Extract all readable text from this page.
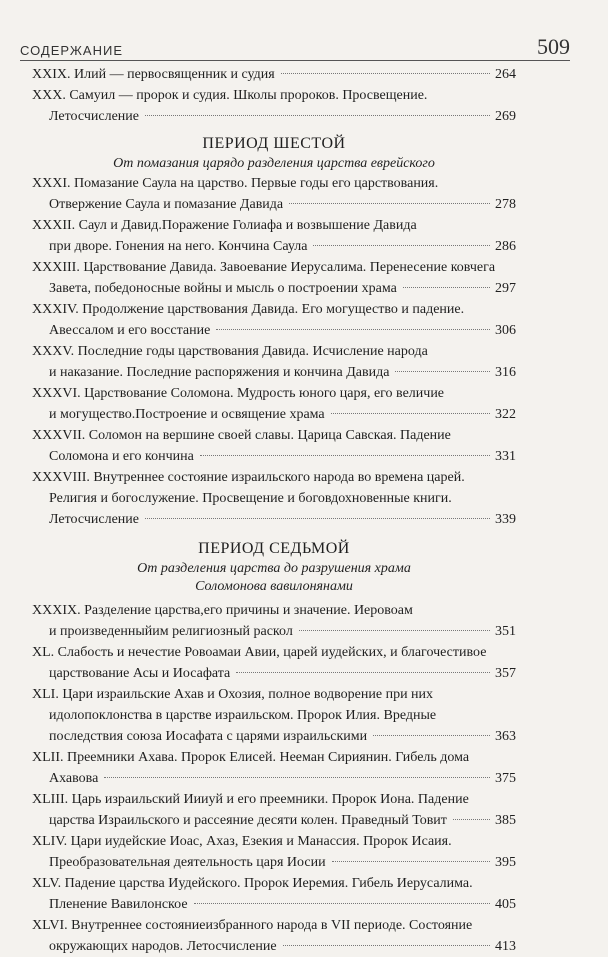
СОДЕРЖАНИЕ	509
XXIX. Илий — первосвященник и судия	264
XXX. Самуил — пророк и судия. Школы пророков. Просвещение.
Летосчисление	269
ПЕРИОД ШЕСТОЙ
От помазания царядо разделения царства еврейского
XXXI. Помазание Саула на царство. Первые годы его царствования.
Отвержение Саула и помазание Давида	278
XXXII. Саул и Давид.Поражение Голиафа и возвышение Давида
при дворе. Гонения на него. Кончина Саула	286
XXXIII. Царствование Давида. Завоевание Иерусалима. Перенесение ковчега
Завета, победоносные войны и мысль о построении храма	297
XXXIV. Продолжение царствования Давида. Его могущество и падение.
Авессалом и его восстание	306
XXXV. Последние годы царствования Давида. Исчисление народа
и наказание. Последние распоряжения и кончина Давида	316
XXXVI. Царствование Соломона. Мудрость юного царя, его величие
и могущество.Построение и освящение храма	322
XXXVII. Соломон на вершине своей славы. Царица Савская. Падение
Соломона и его кончина	331
XXXVIII. Внутреннее состояние израильского народа во времена царей.
Религия и богослужение. Просвещение и боговдохновенные книги.
Летосчисление	339
ПЕРИОД СЕДЬМОЙ
От разделения царства до разрушения храма
Соломонова вавилонянами
XXXIX. Разделение царства,его причины и значение. Иеровоам
и произведенныйим религиозный раскол	351
XL. Слабость и нечестие Ровоамаи Авии, царей иудейских, и благочестивое
царствование Асы и Иосафата	357
XLI. Цари израильские Ахав и Охозия, полное водворение при них
идолопоклонства в царстве израильском. Пророк Илия. Вредные
последствия союза Иосафата с царями израильскими	363
XLII. Преемники Ахава. Пророк Елисей. Нееман Сириянин. Гибель дома
Ахавова	375
XLIII. Царь израильский Иииуй и его преемники. Пророк Иона. Падение
царства Израильского и рассеяние десяти колен. Праведный Товит	385
XLIV. Цари иудейские Иоас, Ахаз, Езекия и Манассия. Пророк Исаия.
Преобразовательная деятельность царя Иосии	395
XLV. Падение царства Иудейского. Пророк Иеремия. Гибель Иерусалима.
Пленение Вавилонское	405
XLVI. Внутреннее состояниеизбранного народа в VII периоде. Состояние
окружающих народов. Летосчисление	413
